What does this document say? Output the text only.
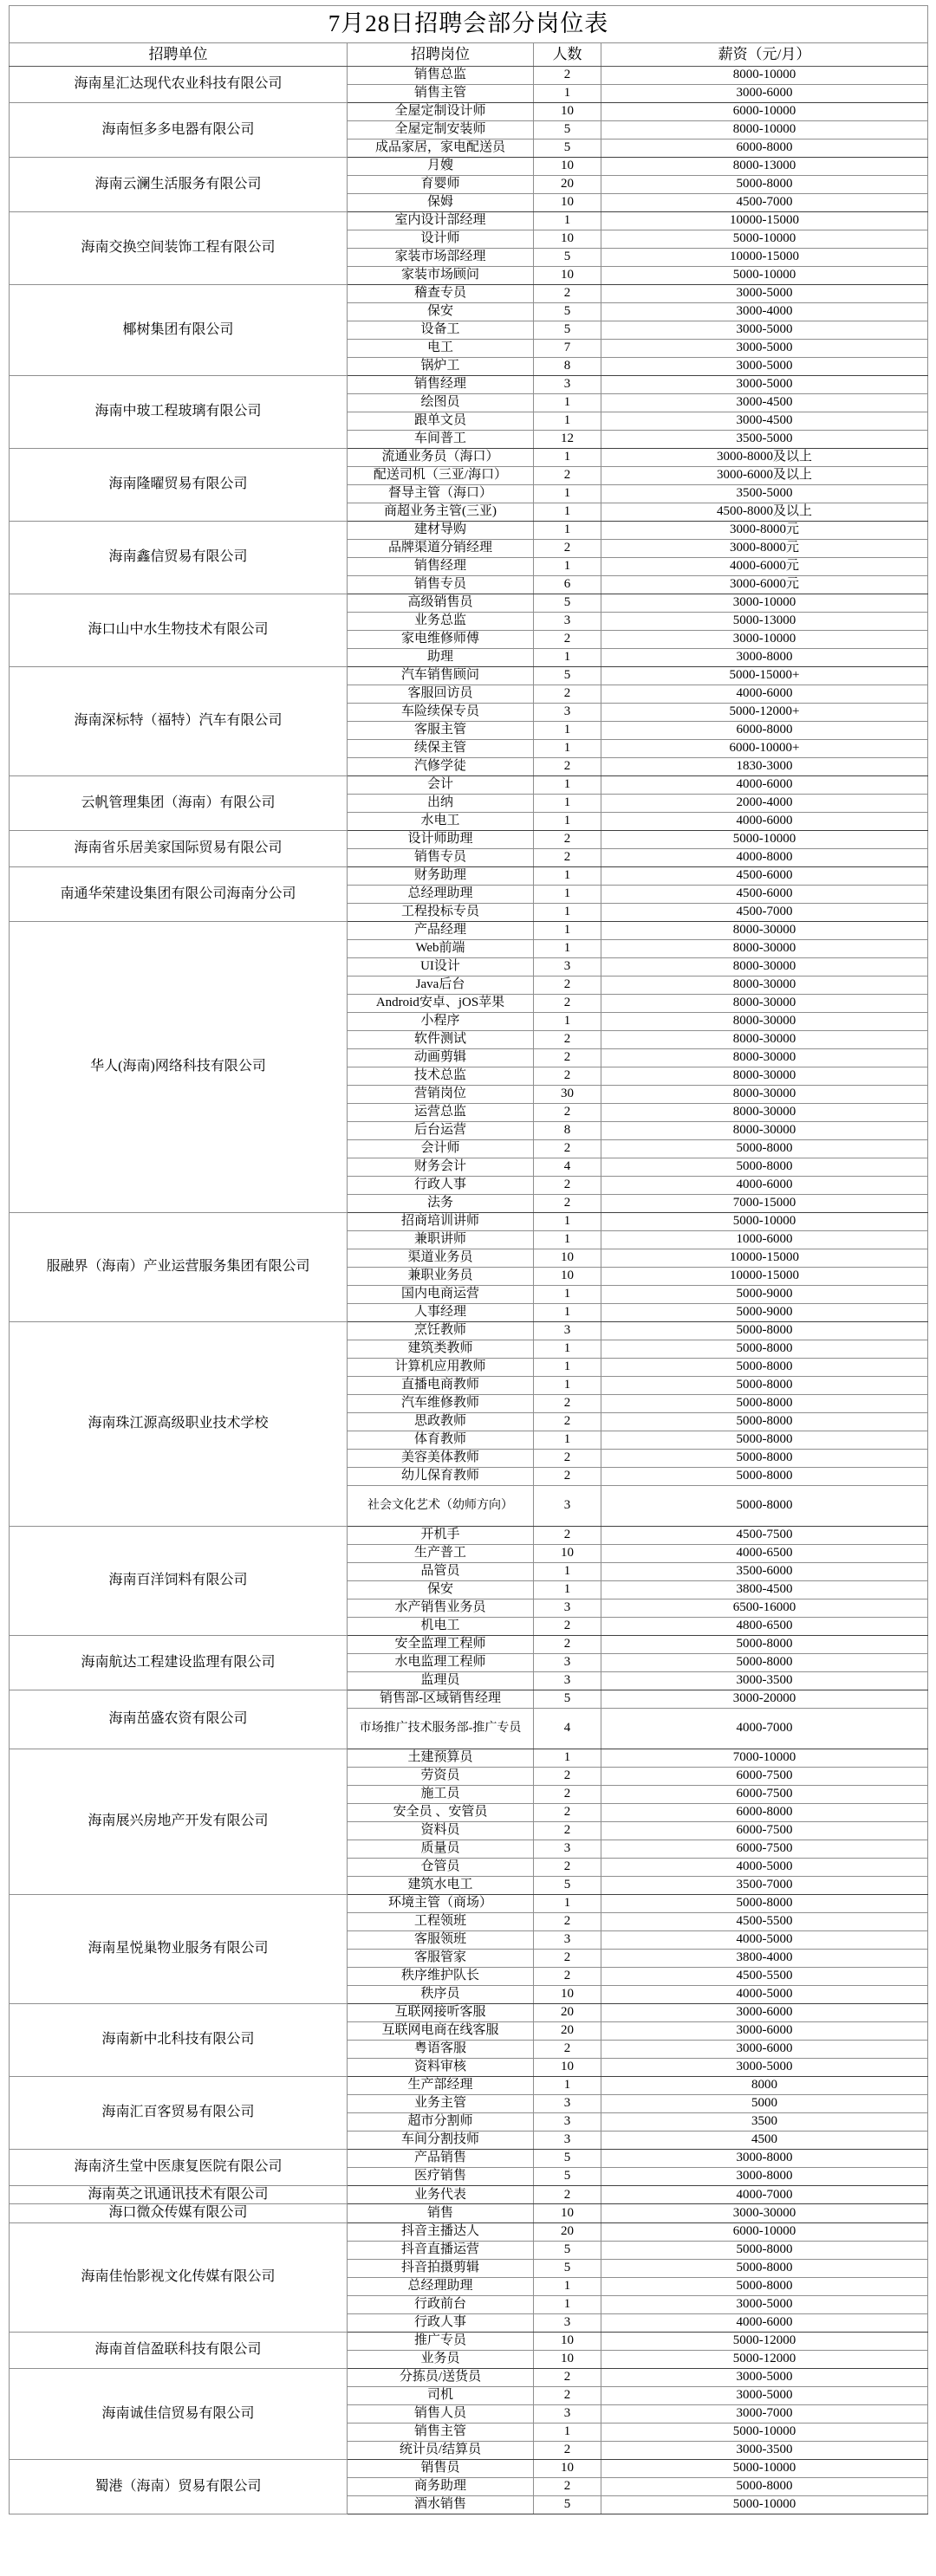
7月28日招聘会部分岗位表			
招聘单位	招聘岗位	人数	薪资（元/月）
海南星汇达现代农业科技有限公司	销售总监	2	8000-10000
	销售主管	1	3000-6000
海南恒多多电器有限公司	全屋定制设计师	10	6000-10000
	全屋定制安装师	5	8000-10000
	成品家居，家电配送员	5	6000-8000
海南云澜生活服务有限公司	月嫂	10	8000-13000
	育婴师	20	5000-8000
	保姆	10	4500-7000
海南交换空间装饰工程有限公司	室内设计部经理	1	10000-15000
	设计师	10	5000-10000
	家装市场部经理	5	10000-15000
	家装市场顾问	10	5000-10000
椰树集团有限公司	稽查专员	2	3000-5000
	保安	5	3000-4000
	设备工	5	3000-5000
	电工	7	3000-5000
	锅炉工	8	3000-5000
海南中玻工程玻璃有限公司	销售经理	3	3000-5000
	绘图员	1	3000-4500
	跟单文员	1	3000-4500
	车间普工	12	3500-5000
海南隆曜贸易有限公司	流通业务员（海口）	1	3000-8000及以上
	配送司机（三亚/海口）	2	3000-6000及以上
	督导主管（海口）	1	3500-5000
	商超业务主管(三亚)	1	4500-8000及以上
海南鑫信贸易有限公司	建材导购	1	3000-8000元
	品牌渠道分销经理	2	3000-8000元
	销售经理	1	4000-6000元
	销售专员	6	3000-6000元
海口山中水生物技术有限公司	高级销售员	5	3000-10000
	业务总监	3	5000-13000
	家电维修师傅	2	3000-10000
	助理	1	3000-8000
海南深标特（福特）汽车有限公司	汽车销售顾问	5	5000-15000+
	客服回访员	2	4000-6000
	车险续保专员	3	5000-12000+
	客服主管	1	6000-8000
	续保主管	1	6000-10000+
	汽修学徒	2	1830-3000
云帆管理集团（海南）有限公司	会计	1	4000-6000
	出纳	1	2000-4000
	水电工	1	4000-6000
海南省乐居美家国际贸易有限公司	设计师助理	2	5000-10000
	销售专员	2	4000-8000
南通华荣建设集团有限公司海南分公司	财务助理	1	4500-6000
	总经理助理	1	4500-6000
	工程投标专员	1	4500-7000
华人(海南)网络科技有限公司	产品经理	1	8000-30000
	Web前端	1	8000-30000
	UI设计	3	8000-30000
	Java后台	2	8000-30000
	Android安卓、jOS苹果	2	8000-30000
	小程序	1	8000-30000
	软件测试	2	8000-30000
	动画剪辑	2	8000-30000
	技术总监	2	8000-30000
	营销岗位	30	8000-30000
	运营总监	2	8000-30000
	后台运营	8	8000-30000
	会计师	2	5000-8000
	财务会计	4	5000-8000
	行政人事	2	4000-6000
	法务	2	7000-15000
服融界（海南）产业运营服务集团有限公司	招商培训讲师	1	5000-10000
	兼职讲师	1	1000-6000
	渠道业务员	10	10000-15000
	兼职业务员	10	10000-15000
	国内电商运营	1	5000-9000
	人事经理	1	5000-9000
海南珠江源高级职业技术学校	烹饪教师	3	5000-8000
	建筑类教师	1	5000-8000
	计算机应用教师	1	5000-8000
	直播电商教师	1	5000-8000
	汽车维修教师	2	5000-8000
	思政教师	2	5000-8000
	体育教师	1	5000-8000
	美容美体教师	2	5000-8000
	幼儿保育教师	2	5000-8000
	社会文化艺术（幼师方向）	3	5000-8000
海南百洋饲料有限公司	开机手	2	4500-7500
	生产普工	10	4000-6500
	品管员	1	3500-6000
	保安	1	3800-4500
	水产销售业务员	3	6500-16000
	机电工	2	4800-6500
海南航达工程建设监理有限公司	安全监理工程师	2	5000-8000
	水电监理工程师	3	5000-8000
	监理员	3	3000-3500
海南茁盛农资有限公司	销售部-区域销售经理	5	3000-20000
	市场推广技术服务部-推广专员	4	4000-7000
海南展兴房地产开发有限公司	土建预算员	1	7000-10000
	劳资员	2	6000-7500
	施工员	2	6000-7500
	安全员 、安管员	2	6000-8000
	资料员	2	6000-7500
	质量员	3	6000-7500
	仓管员	2	4000-5000
	建筑水电工	5	3500-7000
海南星悦巢物业服务有限公司	环境主管（商场）	1	5000-8000
	工程领班	2	4500-5500
	客服领班	3	4000-5000
	客服管家	2	3800-4000
	秩序维护队长	2	4500-5500
	秩序员	10	4000-5000
海南新中北科技有限公司	互联网接听客服	20	3000-6000
	互联网电商在线客服	20	3000-6000
	粤语客服	2	3000-6000
	资料审核	10	3000-5000
海南汇百客贸易有限公司	生产部经理	1	8000
	业务主管	3	5000
	超市分割师	3	3500
	车间分割技师	3	4500
海南济生堂中医康复医院有限公司	产品销售	5	3000-8000
	医疗销售	5	3000-8000
海南英之讯通讯技术有限公司	业务代表	2	4000-7000
海口微众传媒有限公司	销售	10	3000-30000
海南佳怡影视文化传媒有限公司	抖音主播达人	20	6000-10000
	抖音直播运营	5	5000-8000
	抖音拍摄剪辑	5	5000-8000
	总经理助理	1	5000-8000
	行政前台	1	3000-5000
	行政人事	3	4000-6000
海南首信盈联科技有限公司	推广专员	10	5000-12000
	业务员	10	5000-12000
海南诚佳信贸易有限公司	分拣员/送货员	2	3000-5000
	司机	2	3000-5000
	销售人员	3	3000-7000
	销售主管	1	5000-10000
	统计员/结算员	2	3000-3500
蜀港（海南）贸易有限公司	销售员	10	5000-10000
	商务助理	2	5000-8000
	酒水销售	5	5000-10000
